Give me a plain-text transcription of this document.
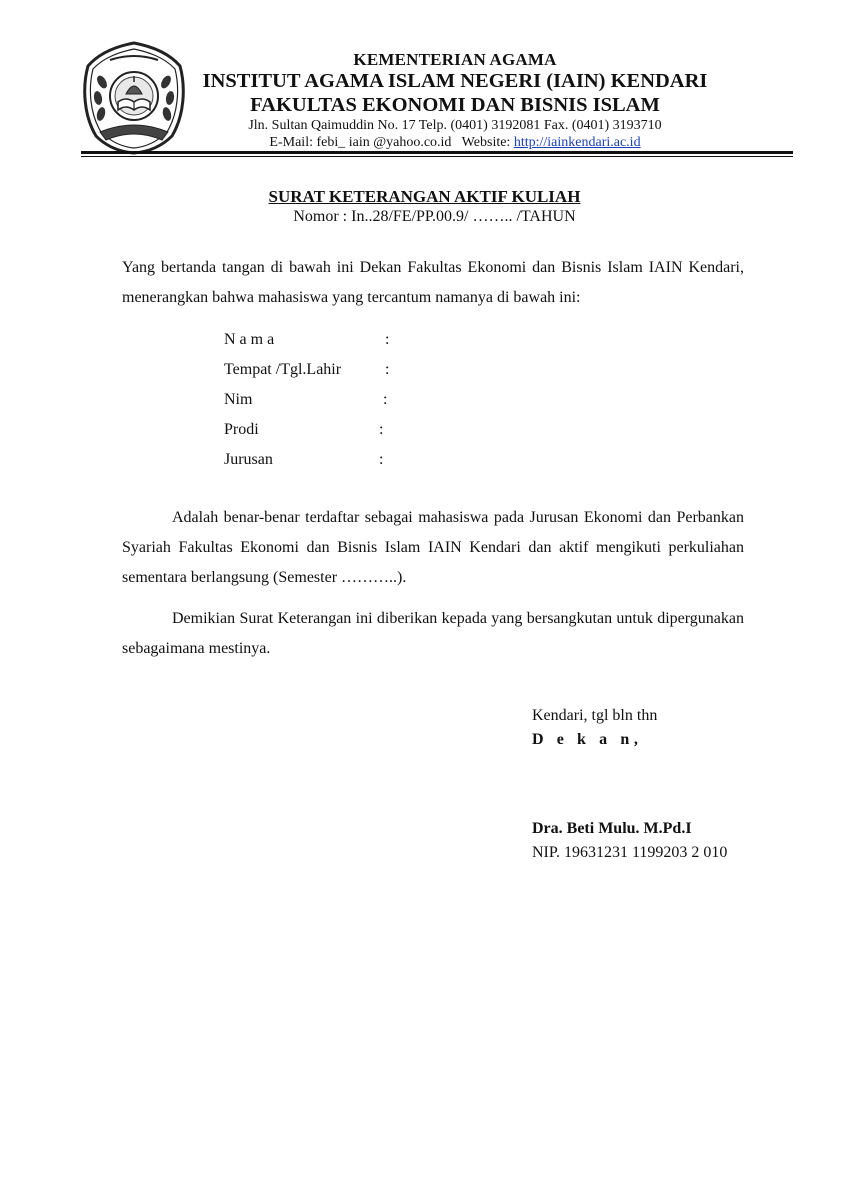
KEMENTERIAN AGAMA
INSTITUT AGAMA ISLAM NEGERI (IAIN) KENDARI
FAKULTAS EKONOMI DAN BISNIS ISLAM
Jln. Sultan Qaimuddin No. 17 Telp. (0401) 3192081 Fax. (0401) 3193710
E-Mail: febi_ iain @yahoo.co.id   Website: http://iainkendari.ac.id
SURAT KETERANGAN AKTIF KULIAH
Nomor : In..28/FE/PP.00.9/ …….. /TAHUN
Yang bertanda tangan di bawah ini Dekan Fakultas Ekonomi dan Bisnis Islam IAIN Kendari, menerangkan bahwa mahasiswa yang tercantum namanya di bawah ini:
N a m a	:
Tempat /Tgl.Lahir	:
Nim	:
Prodi	:
Jurusan	:
Adalah benar-benar terdaftar sebagai mahasiswa pada Jurusan Ekonomi dan Perbankan Syariah Fakultas Ekonomi dan Bisnis Islam IAIN Kendari dan aktif mengikuti perkuliahan sementara berlangsung (Semester ………..).
Demikian Surat Keterangan ini diberikan kepada yang bersangkutan untuk dipergunakan sebagaimana mestinya.
Kendari, tgl bln thn
D e k a n,
Dra. Beti Mulu. M.Pd.I
NIP. 19631231 1199203 2 010
